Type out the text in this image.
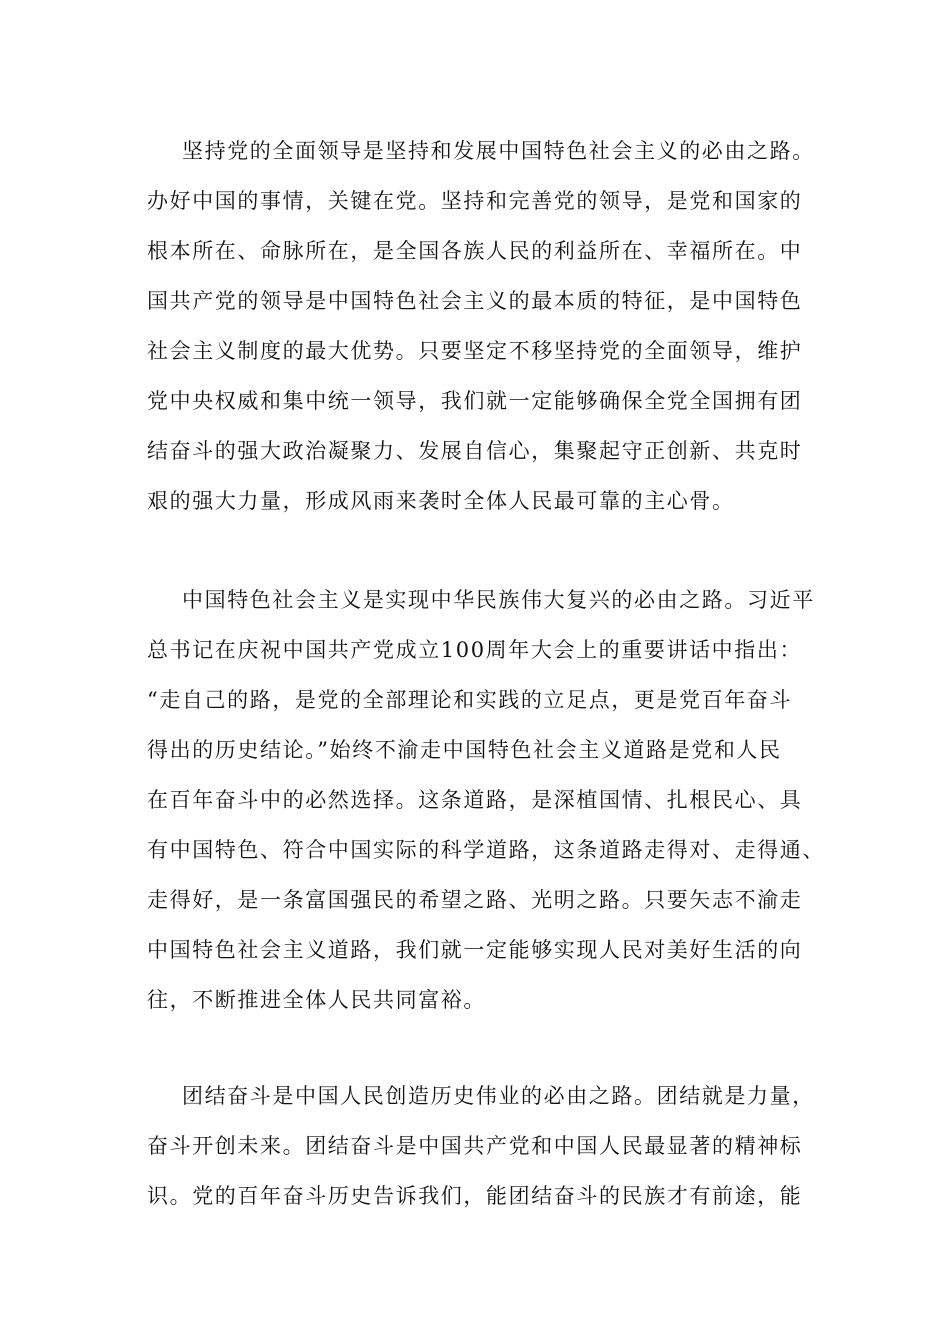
坚持党的全面领导是坚持和发展中国特色社会主义的必由之路。
办好中国的事情，关键在党。坚持和完善党的领导，是党和国家的
根本所在、命脉所在，是全国各族人民的利益所在、幸福所在。中
国共产党的领导是中国特色社会主义的最本质的特征，是中国特色
社会主义制度的最大优势。只要坚定不移坚持党的全面领导，维护
党中央权威和集中统一领导，我们就一定能够确保全党全国拥有团
结奋斗的强大政治凝聚力、发展自信心，集聚起守正创新、共克时
艰的强大力量，形成风雨来袭时全体人民最可靠的主心骨。
中国特色社会主义是实现中华民族伟大复兴的必由之路。习近平
总书记在庆祝中国共产党成立100周年大会上的重要讲话中指出：
“走自己的路，是党的全部理论和实践的立足点，更是党百年奋斗
得出的历史结论。”始终不渝走中国特色社会主义道路是党和人民
在百年奋斗中的必然选择。这条道路，是深植国情、扎根民心、具
有中国特色、符合中国实际的科学道路，这条道路走得对、走得通、
走得好，是一条富国强民的希望之路、光明之路。只要矢志不渝走
中国特色社会主义道路，我们就一定能够实现人民对美好生活的向
往，不断推进全体人民共同富裕。
团结奋斗是中国人民创造历史伟业的必由之路。团结就是力量，
奋斗开创未来。团结奋斗是中国共产党和中国人民最显著的精神标
识。党的百年奋斗历史告诉我们，能团结奋斗的民族才有前途，能
